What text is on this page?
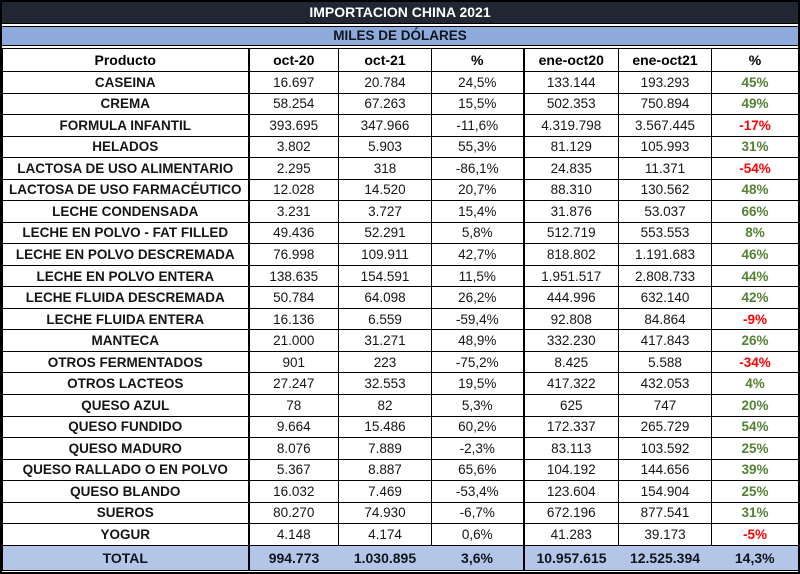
IMPORTACION CHINA 2021
MILES DE DÓLARES
Producto	oct-20	oct-21	%	ene-oct20	ene-oct21	%
CASEINA	16.697	20.784	24,5%	133.144	193.293	45%
CREMA	58.254	67.263	15,5%	502.353	750.894	49%
FORMULA INFANTIL	393.695	347.966	-11,6%	4.319.798	3.567.445	-17%
HELADOS	3.802	5.903	55,3%	81.129	105.993	31%
LACTOSA DE USO ALIMENTARIO	2.295	318	-86,1%	24.835	11.371	-54%
LACTOSA DE USO FARMACÉUTICO	12.028	14.520	20,7%	88.310	130.562	48%
LECHE CONDENSADA	3.231	3.727	15,4%	31.876	53.037	66%
LECHE EN POLVO - FAT FILLED	49.436	52.291	5,8%	512.719	553.553	8%
LECHE EN POLVO DESCREMADA	76.998	109.911	42,7%	818.802	1.191.683	46%
LECHE EN POLVO ENTERA	138.635	154.591	11,5%	1.951.517	2.808.733	44%
LECHE FLUIDA DESCREMADA	50.784	64.098	26,2%	444.996	632.140	42%
LECHE FLUIDA ENTERA	16.136	6.559	-59,4%	92.808	84.864	-9%
MANTECA	21.000	31.271	48,9%	332.230	417.843	26%
OTROS FERMENTADOS	901	223	-75,2%	8.425	5.588	-34%
OTROS LACTEOS	27.247	32.553	19,5%	417.322	432.053	4%
QUESO AZUL	78	82	5,3%	625	747	20%
QUESO FUNDIDO	9.664	15.486	60,2%	172.337	265.729	54%
QUESO MADURO	8.076	7.889	-2,3%	83.113	103.592	25%
QUESO RALLADO O EN POLVO	5.367	8.887	65,6%	104.192	144.656	39%
QUESO BLANDO	16.032	7.469	-53,4%	123.604	154.904	25%
SUEROS	80.270	74.930	-6,7%	672.196	877.541	31%
YOGUR	4.148	4.174	0,6%	41.283	39.173	-5%
TOTAL	994.773	1.030.895	3,6%	10.957.615	12.525.394	14,3%
